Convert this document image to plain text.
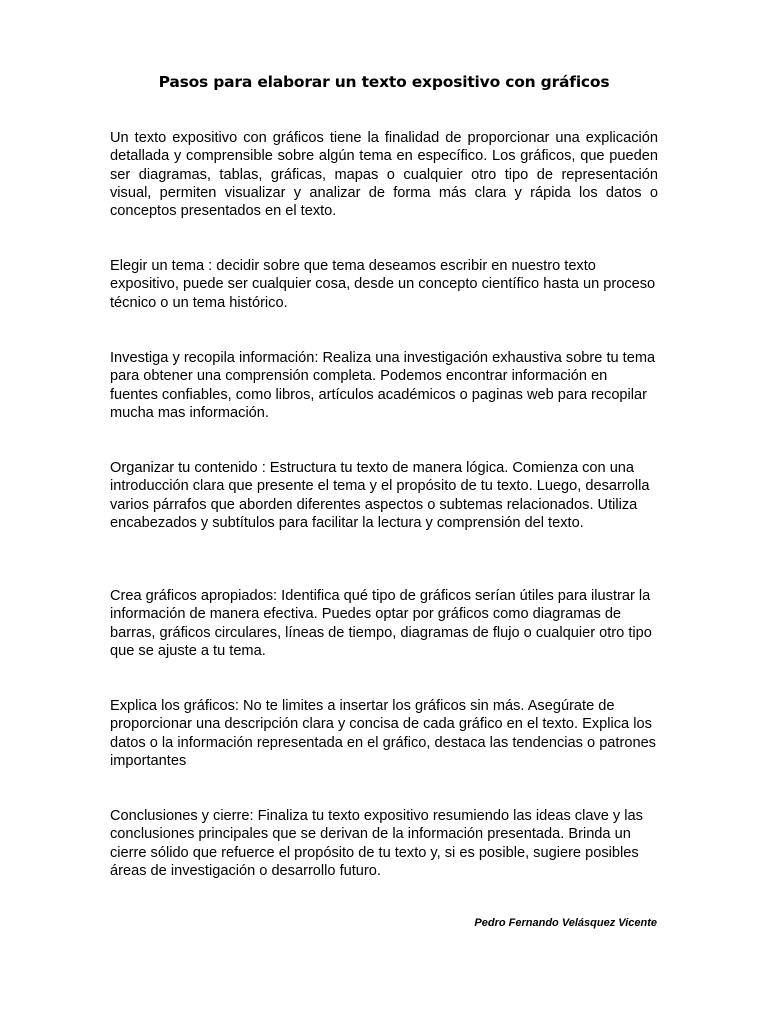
Pasos para elaborar un texto expositivo con gráficos

Un texto expositivo con gráficos tiene la finalidad de proporcionar una explicación detallada y comprensible sobre algún tema en específico. Los gráficos, que pueden ser diagramas, tablas, gráficas, mapas o cualquier otro tipo de representación visual, permiten visualizar y analizar de forma más clara y rápida los datos o conceptos presentados en el texto.

Elegir un tema : decidir sobre que tema deseamos escribir en nuestro texto expositivo, puede ser cualquier cosa, desde un concepto científico hasta un proceso técnico o un tema histórico.

Investiga y recopila información: Realiza una investigación exhaustiva sobre tu tema para obtener una comprensión completa. Podemos encontrar información en fuentes confiables, como libros, artículos académicos o paginas web para recopilar mucha mas información.

Organizar tu contenido : Estructura tu texto de manera lógica. Comienza con una introducción clara que presente el tema y el propósito de tu texto. Luego, desarrolla varios párrafos que aborden diferentes aspectos o subtemas relacionados. Utiliza encabezados y subtítulos para facilitar la lectura y comprensión del texto.

Crea gráficos apropiados: Identifica qué tipo de gráficos serían útiles para ilustrar la información de manera efectiva. Puedes optar por gráficos como diagramas de barras, gráficos circulares, líneas de tiempo, diagramas de flujo o cualquier otro tipo que se ajuste a tu tema.

Explica los gráficos: No te limites a insertar los gráficos sin más. Asegúrate de proporcionar una descripción clara y concisa de cada gráfico en el texto. Explica los datos o la información representada en el gráfico, destaca las tendencias o patrones importantes

Conclusiones y cierre: Finaliza tu texto expositivo resumiendo las ideas clave y las conclusiones principales que se derivan de la información presentada. Brinda un cierre sólido que refuerce el propósito de tu texto y, si es posible, sugiere posibles áreas de investigación o desarrollo futuro.

Pedro Fernando Velásquez Vicente
